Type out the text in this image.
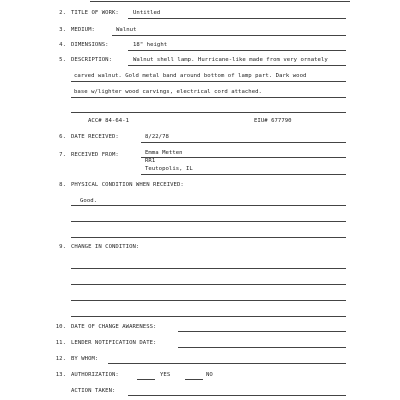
2. TITLE OF WORK:	Untitled
3. MEDIUM:	Walnut
4. DIMENSIONS:	18" height
5. DESCRIPTION:	Walnut shell lamp. Hurricane-like made from very ornately
carved walnut. Gold metal band around bottom of lamp part. Dark wood
base w/lighter wood carvings, electrical cord attached.
ACC# 84-64-1	EIU# 677790
6. DATE RECEIVED:	8/22/78
7. RECEIVED FROM:	Emma Metten
RR1
Teutopolis, IL
8. PHYSICAL CONDITION WHEN RECEIVED:
Good.
9. CHANGE IN CONDITION:
10. DATE OF CHANGE AWARENESS:
11. LENDER NOTIFICATION DATE:
12. BY WHOM:
13. AUTHORIZATION:	YES	NO
ACTION TAKEN:
